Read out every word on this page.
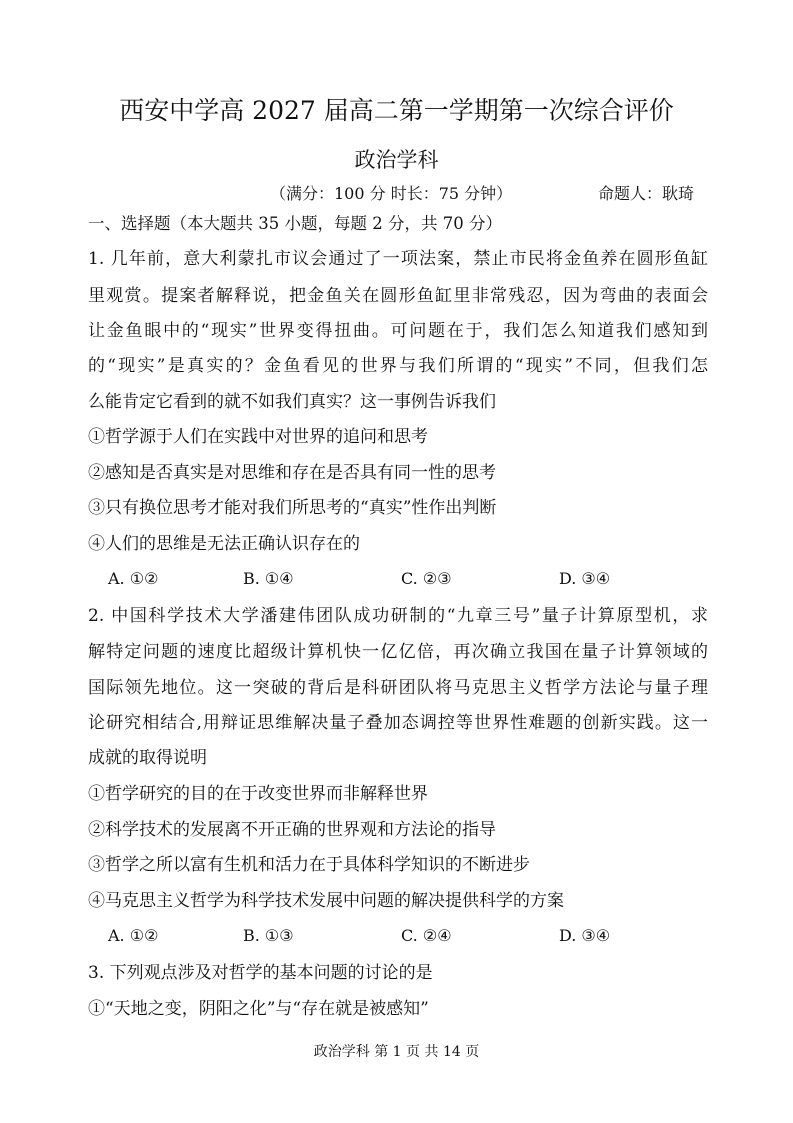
西安中学高 2027 届高二第一学期第一次综合评价
政治学科
（满分：100 分 时长：75 分钟）	命题人：耿琦
一、选择题（本大题共 35 小题，每题 2 分，共 70 分）
1. 几年前，意大利蒙扎市议会通过了一项法案，禁止市民将金鱼养在圆形鱼缸
里观赏。提案者解释说，把金鱼关在圆形鱼缸里非常残忍，因为弯曲的表面会
让金鱼眼中的“现实”世界变得扭曲。可问题在于，我们怎么知道我们感知到
的“现实”是真实的？金鱼看见的世界与我们所谓的“现实”不同，但我们怎
么能肯定它看到的就不如我们真实？这一事例告诉我们
①哲学源于人们在实践中对世界的追问和思考
②感知是否真实是对思维和存在是否具有同一性的思考
③只有换位思考才能对我们所思考的“真实”性作出判断
④人们的思维是无法正确认识存在的
A. ①②	B. ①④	C. ②③	D. ③④
2. 中国科学技术大学潘建伟团队成功研制的“九章三号”量子计算原型机，求
解特定问题的速度比超级计算机快一亿亿倍，再次确立我国在量子计算领域的
国际领先地位。这一突破的背后是科研团队将马克思主义哲学方法论与量子理
论研究相结合,用辩证思维解决量子叠加态调控等世界性难题的创新实践。这一
成就的取得说明
①哲学研究的目的在于改变世界而非解释世界
②科学技术的发展离不开正确的世界观和方法论的指导
③哲学之所以富有生机和活力在于具体科学知识的不断进步
④马克思主义哲学为科学技术发展中问题的解决提供科学的方案
A. ①②	B. ①③	C. ②④	D. ③④
3. 下列观点涉及对哲学的基本问题的讨论的是
①“天地之变，阴阳之化”与“存在就是被感知”
政治学科 第 1 页 共 14 页
